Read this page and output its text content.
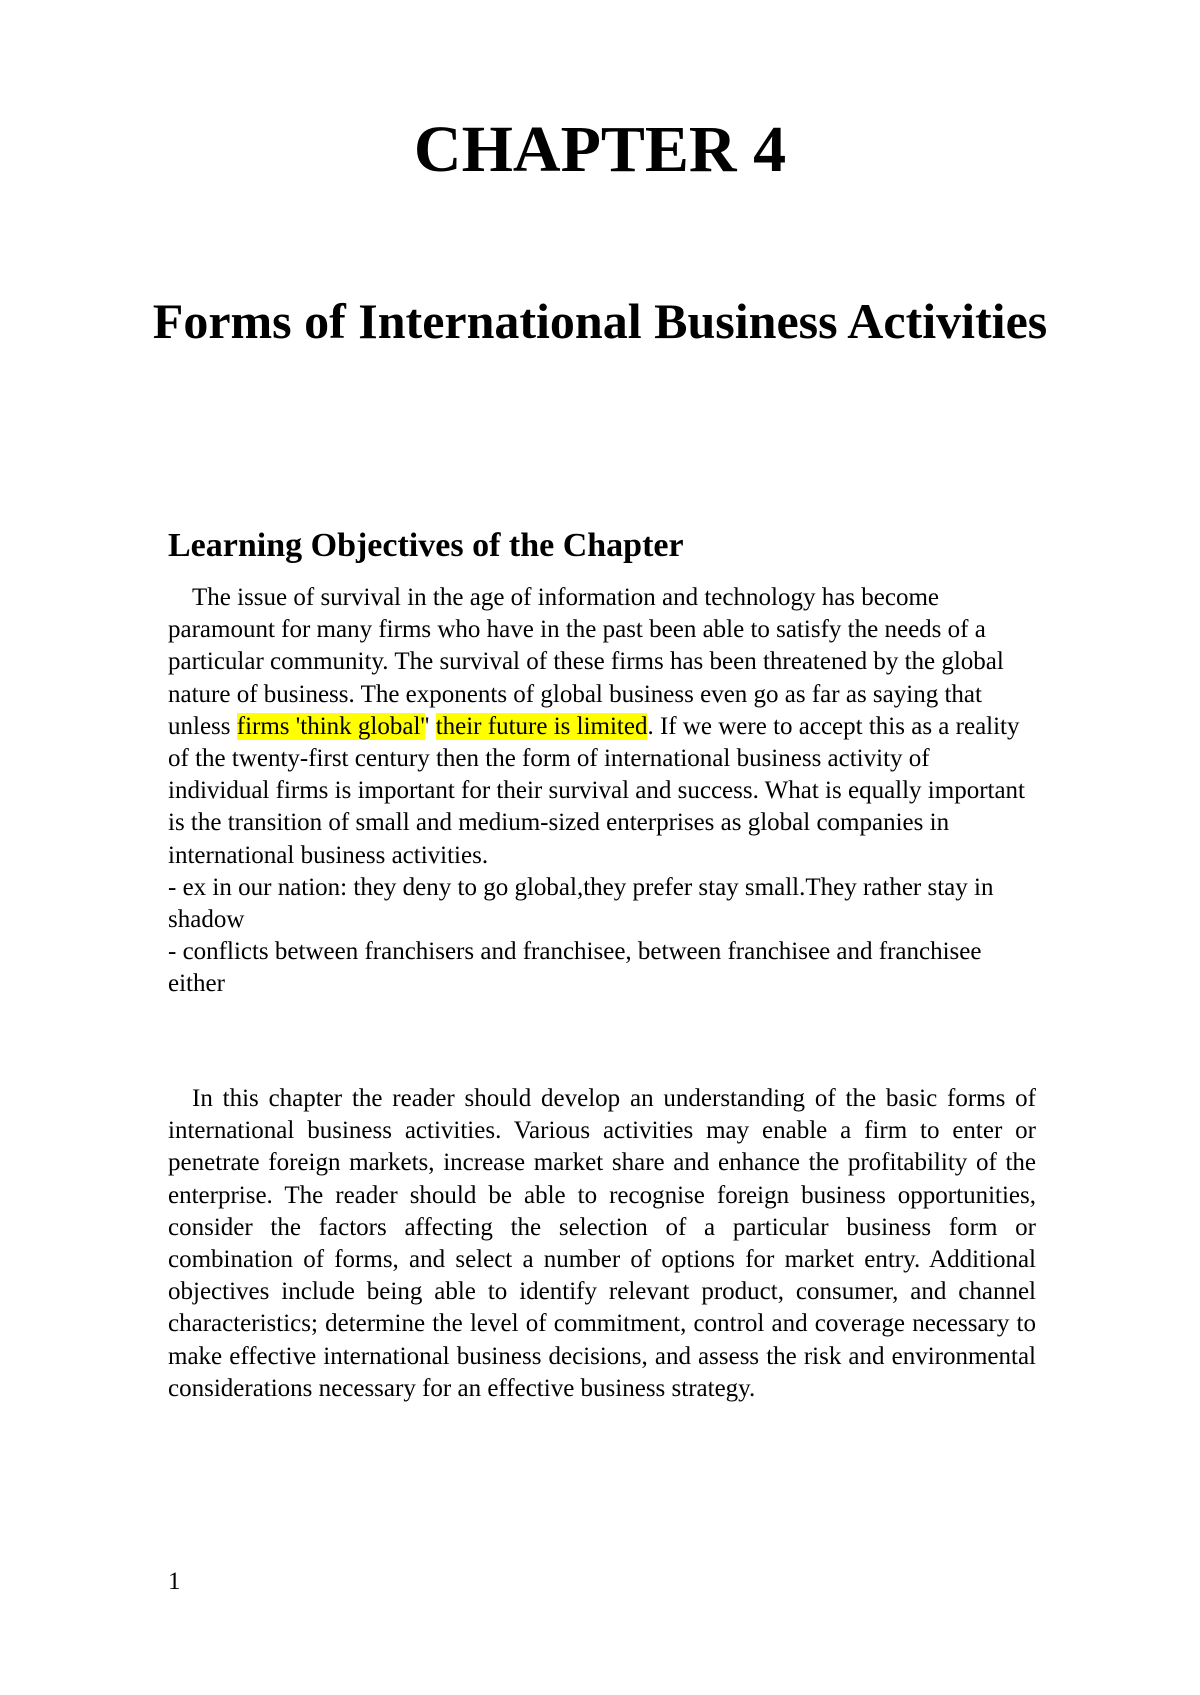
CHAPTER 4
Forms of International Business Activities
Learning Objectives of the Chapter
The issue of survival in the age of information and technology has become paramount for many firms who have in the past been able to satisfy the needs of a particular community. The survival of these firms has been threatened by the global nature of business. The exponents of global business even go as far as saying that unless firms 'think global'' their future is limited. If we were to accept this as a reality of the twenty-first century then the form of international business activity of individual firms is important for their survival and success. What is equally important is the transition of small and medium-sized enterprises as global companies in international business activities.
- ex in our nation: they deny to go global,they prefer stay small.They rather stay in shadow
- conflicts between franchisers and franchisee, between franchisee and franchisee either

In this chapter the reader should develop an understanding of the basic forms of international business activities. Various activities may enable a firm to enter or penetrate foreign markets, increase market share and enhance the profitability of the enterprise. The reader should be able to recognise foreign business opportunities, consider the factors affecting the selection of a particular business form or combination of forms, and select a number of options for market entry. Additional objectives include being able to identify relevant product, consumer, and channel characteristics; determine the level of commitment, control and coverage necessary to make effective international business decisions, and assess the risk and environmental considerations necessary for an effective business strategy.

1
